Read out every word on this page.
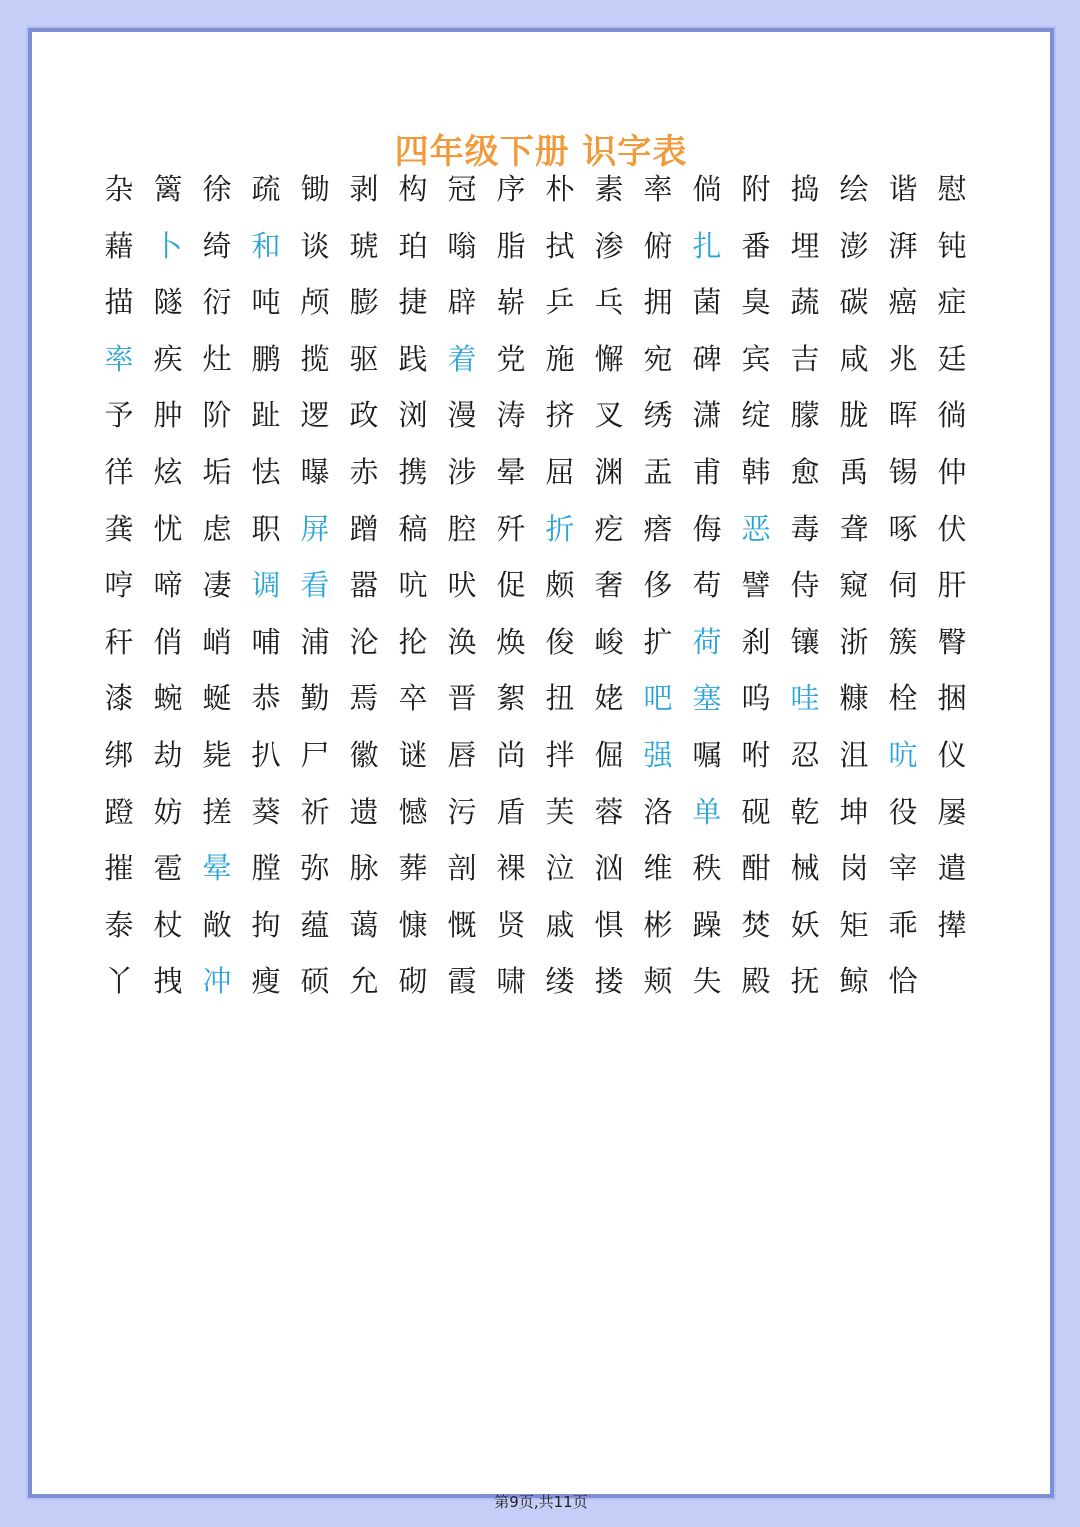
四年级下册 识字表
第9页,共11页
杂 篱 徐 疏 锄 剥 构 冠 序 朴 素 率 倘 附 捣 绘 谐 慰
藉 卜 绮 和 谈 琥 珀 嗡 脂 拭 渗 俯 扎 番 埋 澎 湃 钝
描 隧 衍 吨 颅 膨 捷 辟 崭 乒 乓 拥 菌 臭 蔬 碳 癌 症
率 疾 灶 鹏 揽 驱 践 着 党 施 懈 宛 碑 宾 吉 咸 兆 廷
予 肿 阶 趾 逻 政 浏 漫 涛 挤 叉 绣 潇 绽 朦 胧 晖 徜
徉 炫 垢 怯 曝 赤 携 涉 晕 屈 渊 盂 甫 韩 愈 禹 锡 仲
龚 忧 虑 职 屏 蹭 稿 腔 歼 折 疙 瘩 侮 恶 毒 聋 啄 伏
哼 啼 凄 调 看 嚣 吭 吠 促 颇 奢 侈 苟 譬 侍 窥 伺 肝
秆 俏 峭 哺 浦 沦 抡 涣 焕 俊 峻 扩 荷 刹 镶 浙 簇 臀
漆 蜿 蜒 恭 勤 焉 卒 晋 絮 扭 姥 吧 塞 呜 哇 糠 栓 捆
绑 劫 毙 扒 尸 徽 谜 唇 尚 拌 倔 强 嘱 咐 忍 沮 吭 仪
蹬 妨 搓 葵 祈 遗 憾 污 盾 芙 蓉 洛 单 砚 乾 坤 役 屡
摧 雹 晕 膛 弥 脉 葬 剖 裸 泣 汹 维 秩 酣 械 岗 宰 遣
泰 杖 敞 拘 蕴 蔼 慷 慨 贤 戚 惧 彬 躁 焚 妖 矩 乖 撵
丫 拽 冲 瘦 硕 允 砌 霞 啸 缕 搂 颊 失 殿 抚 鲸 恰
